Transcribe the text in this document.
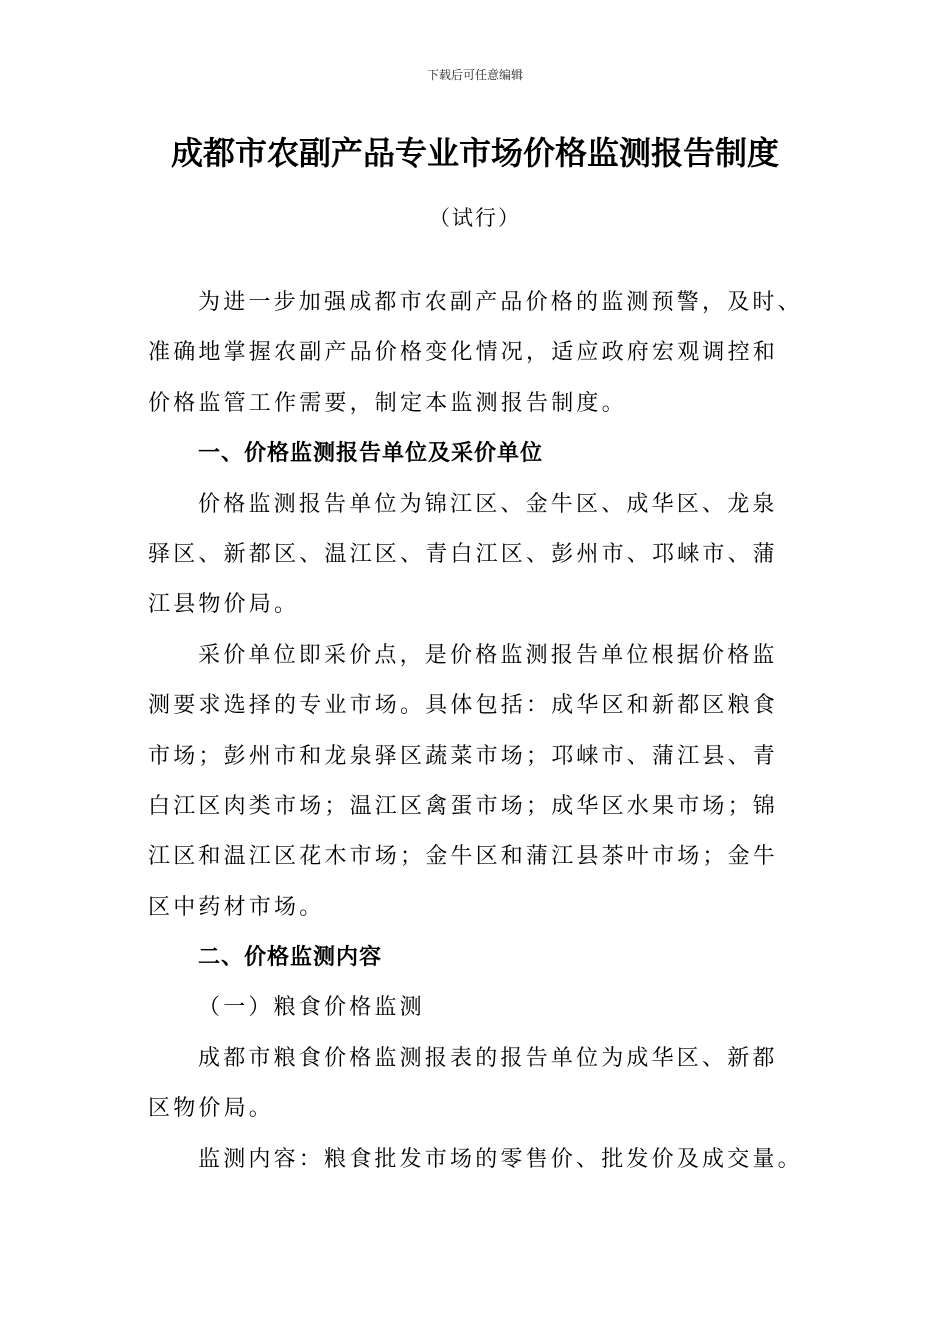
下载后可任意编辑
成都市农副产品专业市场价格监测报告制度
（试行）
为进一步加强成都市农副产品价格的监测预警，及时、
准确地掌握农副产品价格变化情况，适应政府宏观调控和
价格监管工作需要，制定本监测报告制度。
一、价格监测报告单位及采价单位
价格监测报告单位为锦江区、金牛区、成华区、龙泉
驿区、新都区、温江区、青白江区、彭州市、邛崃市、蒲
江县物价局。
采价单位即采价点，是价格监测报告单位根据价格监
测要求选择的专业市场。具体包括：成华区和新都区粮食
市场；彭州市和龙泉驿区蔬菜市场；邛崃市、蒲江县、青
白江区肉类市场；温江区禽蛋市场；成华区水果市场；锦
江区和温江区花木市场；金牛区和蒲江县茶叶市场；金牛
区中药材市场。
二、价格监测内容
（一）粮食价格监测
成都市粮食价格监测报表的报告单位为成华区、新都
区物价局。
监测内容：粮食批发市场的零售价、批发价及成交量。
